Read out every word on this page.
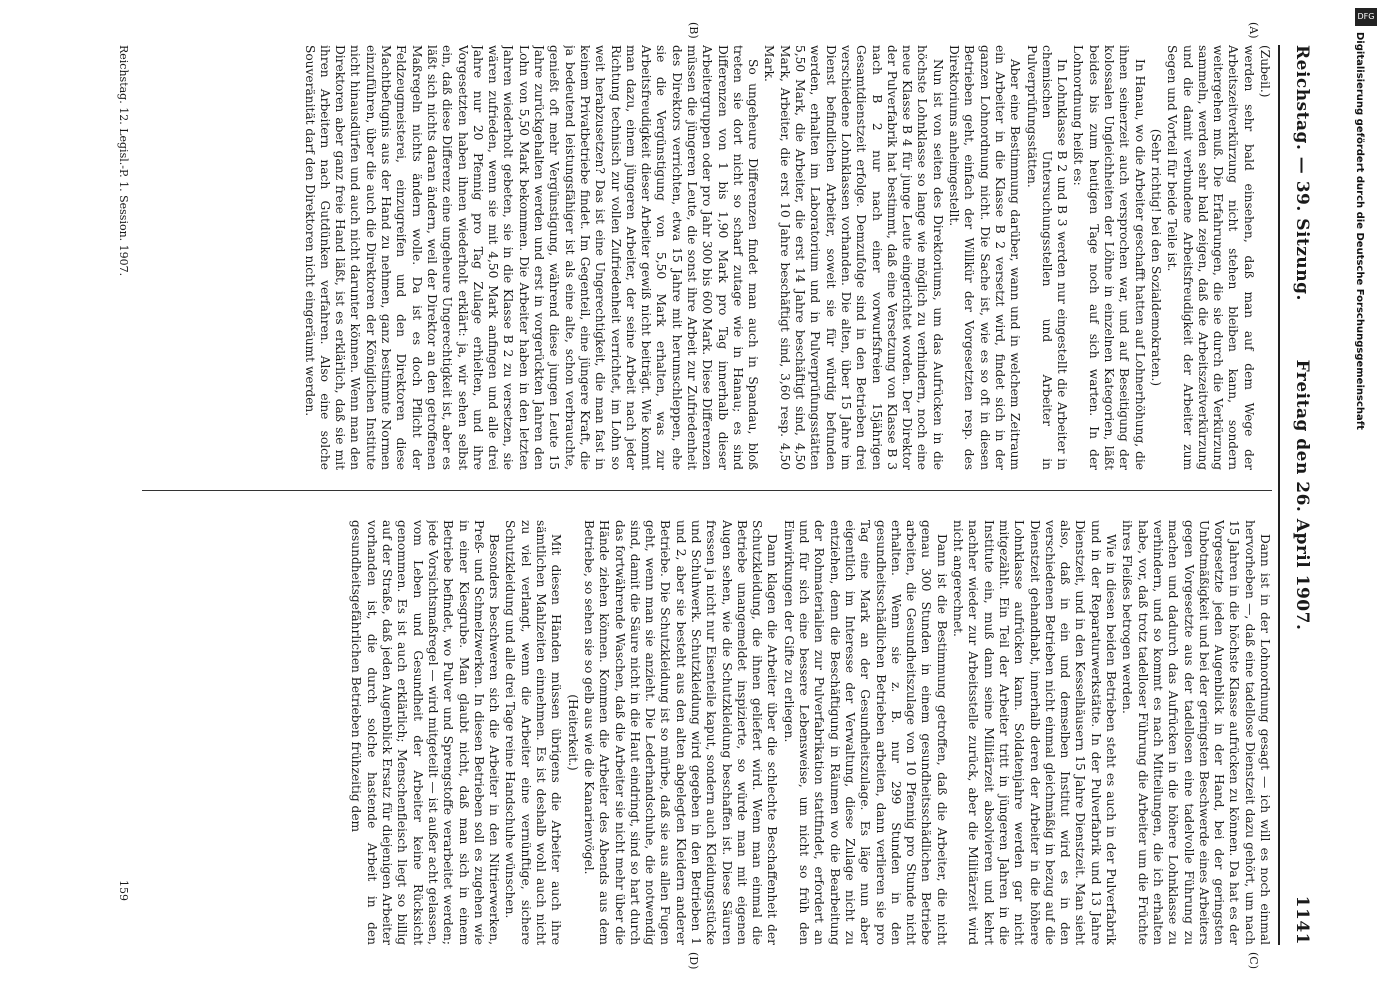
Reichstag. — 39. Sitzung.
Freitag den 26. April 1907.
1141

(Zubeil.)

werden sehr bald einsehen, daß man auf dem Wege der Arbeitszeitverkürzung nicht stehen bleiben kann, sondern weitergehen muß. Die Erfahrungen, die sie durch die Verkürzung sammeln, werden sehr bald zeigen, daß die Arbeitszeitverkürzung und die damit verbundene Arbeitsfreudigkeit der Arbeiter zum Segen und Vorteil für beide Teile ist.

(Sehr richtig! bei den Sozialdemokraten.)

In Hanau, wo die Arbeiter geschafft hatten auf Lohnerhöhung, die ihnen seinerzeit auch versprochen war, und auf Beseitigung der kolossalen Ungleichheiten der Löhne in einzelnen Kategorien, läßt beides bis zum heutigen Tage noch auf sich warten. In der Lohnordnung heißt es:

In Lohnklasse B 2 und B 3 werden nur eingestellt die Arbeiter in chemischen Untersuchungsstellen und Arbeiter in Pulverprüfungsstätten.

Aber eine Bestimmung darüber, wann und in welchem Zeitraum ein Arbeiter in die Klasse B 2 versetzt wird, findet sich in der ganzen Lohnordnung nicht. Die Sache ist, wie es so oft in diesen Betrieben geht, einfach der Willkür der Vorgesetzten resp. des Direktoriums anheimgestellt.

Nun ist von seiten des Direktoriums, um das Aufrücken in die höchste Lohnklasse so lange wie möglich zu verhindern, noch eine neue Klasse B 4 für junge Leute eingerichtet worden. Der Direktor der Pulverfabrik hat bestimmt, daß eine Versetzung von Klasse B 3 nach B 2 nur nach einer vorwurfsfreien 15jährigen Gesamtdienstzeit erfolge. Demzufolge sind in den Betrieben drei verschiedene Lohnklassen vorhanden. Die alten, über 15 Jahre im Dienst befindlichen Arbeiter, soweit sie für würdig befunden werden, erhalten im Laboratorium und in Pulverprüfungsstätten 5,50 Mark, die Arbeiter, die erst 14 Jahre beschäftigt sind, 4,50 Mark, Arbeiter, die erst 10 Jahre beschäftigt sind, 3,60 resp. 4,50 Mark.

So ungeheure Differenzen findet man auch in Spandau, bloß treten sie dort nicht so scharf zutage wie in Hanau; es sind Differenzen von 1 bis 1,90 Mark pro Tag innerhalb dieser Arbeitergruppen oder pro Jahr 300 bis 600 Mark. Diese Differenzen müssen die jüngeren Leute, die sonst ihre Arbeit zur Zufriedenheit des Direktors verrichten, etwa 15 Jahre mit herumschleppen, ehe sie die Vergünstigung von 5,50 Mark erhalten, was zur Arbeitsfreudigkeit dieser Arbeiter gewiß nicht beiträgt. Wie kommt man dazu, einem jüngeren Arbeiter, der seine Arbeit nach jeder Richtung technisch zur vollen Zufriedenheit verrichtet, im Lohn so weit herabzusetzen? Das ist eine Ungerechtigkeit, die man fast in keinem Privatbetriebe findet. Im Gegenteil, eine jüngere Kraft, die ja bedeutend leistungsfähiger ist als eine alte, schon verbrauchte, genießt oft mehr Vergünstigung, während diese jungen Leute 15 Jahre zurückgehalten werden und erst in vorgerückten Jahren den Lohn von 5,50 Mark bekommen. Die Arbeiter haben in den letzten Jahren wiederholt gebeten, sie in die Klasse B 2 zu versetzen, sie wären zufrieden, wenn sie mit 4,50 Mark anfingen und alle drei Jahre nur 20 Pfennig pro Tag Zulage erhielten, und ihre Vorgesetzten haben ihnen wiederholt erklärt: ja, wir sehen selbst ein, daß diese Differenz eine ungeheure Ungerechtigkeit ist, aber es läßt sich nichts daran ändern, weil der Direktor an den getroffenen Maßregeln nichts ändern wolle. Da ist es doch Pflicht der Feldzeugmeisterei, einzugreifen und den Direktoren diese Machtbefugnis aus der Hand zu nehmen, ganz bestimmte Normen einzuführen, über die auch die Direktoren der Königlichen Institute nicht hinausdürfen und auch nicht darunter können. Wenn man den Direktoren aber ganz freie Hand läßt, ist es erklärlich, daß sie mit ihren Arbeitern nach Gutdünken verfahren. Also eine solche Souveränität darf den Direktoren nicht eingeräumt werden.

Dann ist in der Lohnordnung gesagt — ich will es noch einmal hervorheben —, daß eine tadellose Dienstzeit dazu gehört, um nach 15 Jahren in die höchste Klasse aufrücken zu können. Da hat es der Vorgesetzte jeden Augenblick in der Hand, bei der geringsten Unbotmäßigkeit und bei der geringsten Beschwerde eines Arbeiters gegen Vorgesetzte aus der tadellosen eine tadelvolle Führung zu machen und dadurch das Aufrücken in die höhere Lohnklasse zu verhindern, und so kommt es nach Mitteilungen, die ich erhalten habe, vor, daß trotz tadelloser Führung die Arbeiter um die Früchte ihres Fleißes betrogen werden.

Wie in diesen beiden Betrieben steht es auch in der Pulverfabrik und in der Reparaturwerkstätte. In der Pulverfabrik und 13 Jahre Dienstzeit, und in den Kesselhäusern 15 Jahre Dienstzeit. Man sieht also, daß in ein und demselben Institut wird es in den verschiedenen Betrieben nicht einmal gleichmäßig in bezug auf die Dienstzeit gehandhabt, innerhalb deren der Arbeiter in die höhere Lohnklasse aufrücken kann. Soldatenjahre werden gar nicht mitgezählt. Ein Teil der Arbeiter tritt in jüngeren Jahren in die Institute ein, muß dann seine Militärzeit absolvieren und kehrt nachher wieder zur Arbeitsstelle zurück, aber die Militärzeit wird nicht angerechnet.

Dann ist die Bestimmung getroffen, daß die Arbeiter, die nicht genau 300 Stunden in einem gesundheitsschädlichen Betriebe arbeiten, die Gesundheitszulage von 10 Pfennig pro Stunde nicht erhalten. Wenn sie z. B. nur 299 Stunden in den gesundheitsschädlichen Betrieben arbeiten, dann verlieren sie pro Tag eine Mark an der Gesundheitszulage. Es läge nun aber eigentlich im Interesse der Verwaltung, diese Zulage nicht zu entziehen, denn die Beschäftigung in Räumen wo die Bearbeitung der Rohmaterialien zur Pulverfabrikation stattfindet, erfordert an und für sich eine bessere Lebensweise, um nicht so früh den Einwirkungen der Gifte zu erliegen.

Dann klagen die Arbeiter über die schlechte Beschaffenheit der Schutzkleidung, die ihnen geliefert wird. Wenn man einmal die Betriebe unangemeldet inspizierte, so würde man mit eigenen Augen sehen, wie die Schutzkleidung beschaffen ist. Diese Säuren fressen ja nicht nur Eisenteile kaput, sondern auch Kleidungsstücke und Schuhwerk. Schutzkleidung wird gegeben in den Betrieben 1 und 2, aber sie besteht aus den alten abgelegten Kleidern anderer Betriebe. Die Schutzkleidung ist so mürbe, daß sie aus allen Fugen geht, wenn man sie anzieht. Die Lederhandschuhe, die notwendig sind, damit die Säure nicht in die Haut eindringt, sind so hart durch das fortwährende Waschen, daß die Arbeiter sie nicht mehr über die Hände ziehen können. Kommen die Arbeiter des Abends aus dem Betriebe, so sehen sie so gelb aus wie die Kanarienvögel.

(Heiterkeit.)

Mit diesen Händen müssen übrigens die Arbeiter auch ihre sämtlichen Mahlzeiten einnehmen. Es ist deshalb wohl auch nicht zu viel verlangt, wenn die Arbeiter eine vernünftige, sichere Schutzkleidung und alle drei Tage reine Handschuhe wünschen.

Besonders beschweren sich die Arbeiter in den Nitrierwerken, Preß- und Schmelzwerken. In diesen Betrieben soll es zugehen wie in einer Kiesgrube. Man glaubt nicht, daß man sich in einem Betriebe befindet, wo Pulver und Sprengstoffe verarbeitet werden; jede Vorsichtsmaßregel — wird mitgeteilt — ist außer acht gelassen, vom Leben und Gesundheit der Arbeiter keine Rücksicht genommen. Es ist auch erklärlich; Menschenfleisch liegt so billig auf der Straße, daß jeden Augenblick Ersatz für diejenigen Arbeiter vorhanden ist, die durch solche hastende Arbeit in den gesundheitsgefährlichen Betrieben frühzeitig dem

(A)
(B)
(C)
(D)
Reichstag. 12. Legisl.-P. 1. Session. 1907.
159
DFG
Digitalisierung gefördert durch die Deutsche Forschungsgemeinschaft
